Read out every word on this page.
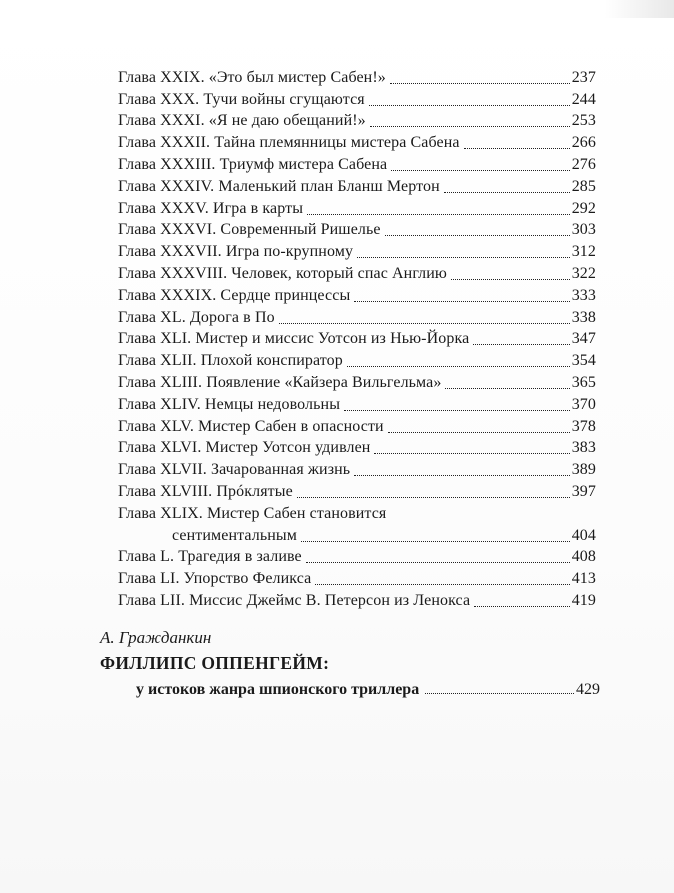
Глава XXIX. «Это был мистер Сабен!»	237
Глава XXX. Тучи войны сгущаются	244
Глава XXXI. «Я не даю обещаний!»	253
Глава XXXII. Тайна племянницы мистера Сабена	266
Глава XXXIII. Триумф мистера Сабена	276
Глава XXXIV. Маленький план Бланш Мертон	285
Глава XXXV. Игра в карты	292
Глава XXXVI. Современный Ришелье	303
Глава XXXVII. Игра по-крупному	312
Глава XXXVIII. Человек, который спас Англию	322
Глава XXXIX. Сердце принцессы	333
Глава XL. Дорога в По	338
Глава XLI. Мистер и миссис Уотсон из Нью-Йорка	347
Глава XLII. Плохой конспиратор	354
Глава XLIII. Появление «Кайзера Вильгельма»	365
Глава XLIV. Немцы недовольны	370
Глава XLV. Мистер Сабен в опасности	378
Глава XLVI. Мистер Уотсон удивлен	383
Глава XLVII. Зачарованная жизнь	389
Глава XLVIII. Прóклятые	397
Глава XLIX. Мистер Сабен становится
сентиментальным	404
Глава L. Трагедия в заливе	408
Глава LI. Упорство Феликса	413
Глава LII. Миссис Джеймс В. Петерсон из Ленокса	419
А. Гражданкин
ФИЛЛИПС ОППЕНГЕЙМ:
у истоков жанра шпионского триллера	429
